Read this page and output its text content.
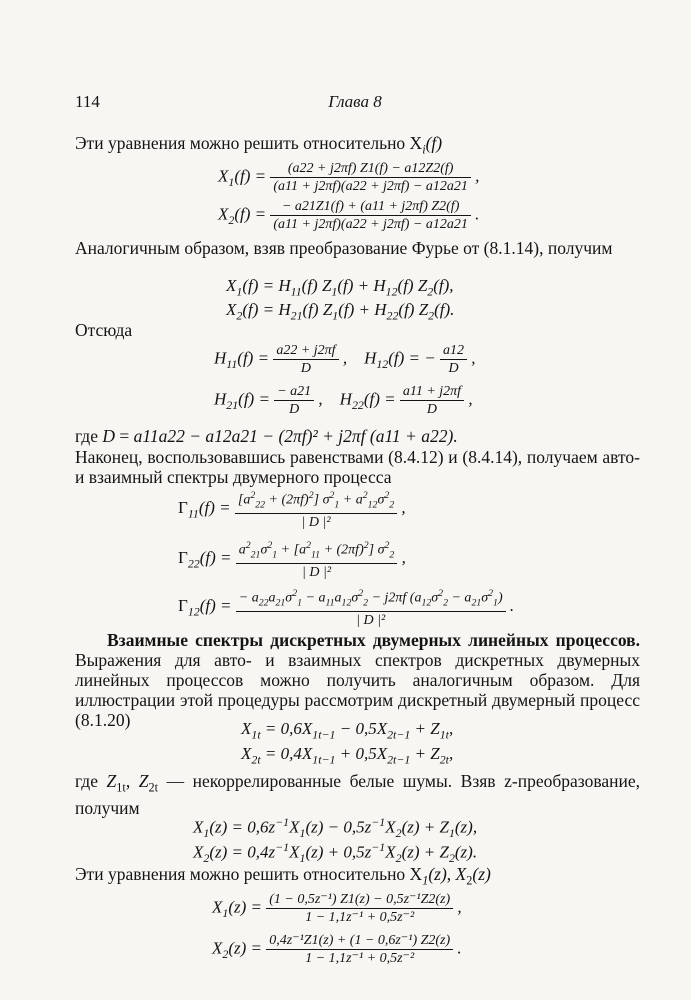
114	Глава 8
Эти уравнения можно решить относительно $X_i(f)$
$X_1(f) = \frac{(a22 + j2\pi f) Z1(f) - a12Z2(f)}{(a11 + j2\pi f)(a22 + j2\pi f) - a12a21}$ ,
$X_2(f) = \frac{- a21Z1(f) + (a11 + j2\pi f) Z2(f)}{(a11 + j2\pi f)(a22 + j2\pi f) - a12a21}$ .
Аналогичным образом, взяв преобразование Фурье от (8.1.14), получим
$X_1(f) = H_{11}(f) Z_1(f) + H_{12}(f)$ $Z_2(f)$,
$X_2(f) = H_{21}(f) Z_1(f) + H_{22}(f)$ $Z_2(f)$.
Отсюда
$H_{11}(f) = \frac{a22 + j2\pi f}{D}$ ,    $H_{12}(f)$ = − $\frac{a12}{D}$ ,
$H_{21}(f) = \frac{- a21}{D}$ ,    $H_{22}(f) = \frac{a11 + j2\pi f}{D}$ ,
где D = a11a22 − a12a21 − (2πf)² + j2πf (a11 + a22).
Наконец, воспользовавшись равенствами (8.4.12) и (8.4.14), получаем авто- и взаимный спектры двумерного процесса
$\Gamma_{11}(f) = \frac{[a^2_{22} + (2\pi f)^2] \sigma^2_1 + a^2_{12}\sigma^2_2}{\text{| D |²}}$ ,
$\Gamma_{22}(f) = \frac{a^2_{21}\sigma^2_1 + [a^2_{11} + (2\pi f)^2] \sigma^2_2}{\text{| D |²}}$ ,
$\Gamma_{12}(f) = \frac{- a_{22}a_{21}\sigma^2_1 - a_{11}a_{12}\sigma^2_2 - j2\pi f (a_{12}\sigma^2_2 - a_{21}\sigma^2_1)}{\text{| D |²}}$ .
Взаимные спектры дискретных двумерных линейных процессов. Выражения для авто- и взаимных спектров дискретных двумерных линейных процессов можно получить аналогичным образом. Для иллюстрации этой процедуры рассмотрим дискретный двумерный процесс (8.1.20)	$X_{1t} = 0,6X_{1t-1} - 0,5X_{2t-1} + Z_{1t}$,
$X_{2t} = 0,4X_{1t-1} + 0,5X_{2t-1} + Z_{2t}$,
где $Z_{1t}$, $Z_{2t}$ — некоррелированные белые шумы. Взяв z-преобразование, получим
$X_1(z) = 0,6z^{-1}X_1(z) - 0,5z^{-1}X_2(z) + Z_1(z)$,
$X_2(z) = 0,4z^{-1}X_1(z) + 0,5z^{-1}X_2(z) + Z_2(z)$.
Эти уравнения можно решить относительно $X_1(z)$, $X_2(z)$
$X_1(z) = \frac{\text{(1 − 0,5z⁻¹) Z1(z) − 0,5z⁻¹Z2(z)}}{\text{1 − 1,1z⁻¹ + 0,5z⁻²}}$ ,
$X_2(z) = \frac{\text{0,4z⁻¹Z1(z) + (1 − 0,6z⁻¹) Z2(z)}}{\text{1 − 1,1z⁻¹ + 0,5z⁻²}}$ .
